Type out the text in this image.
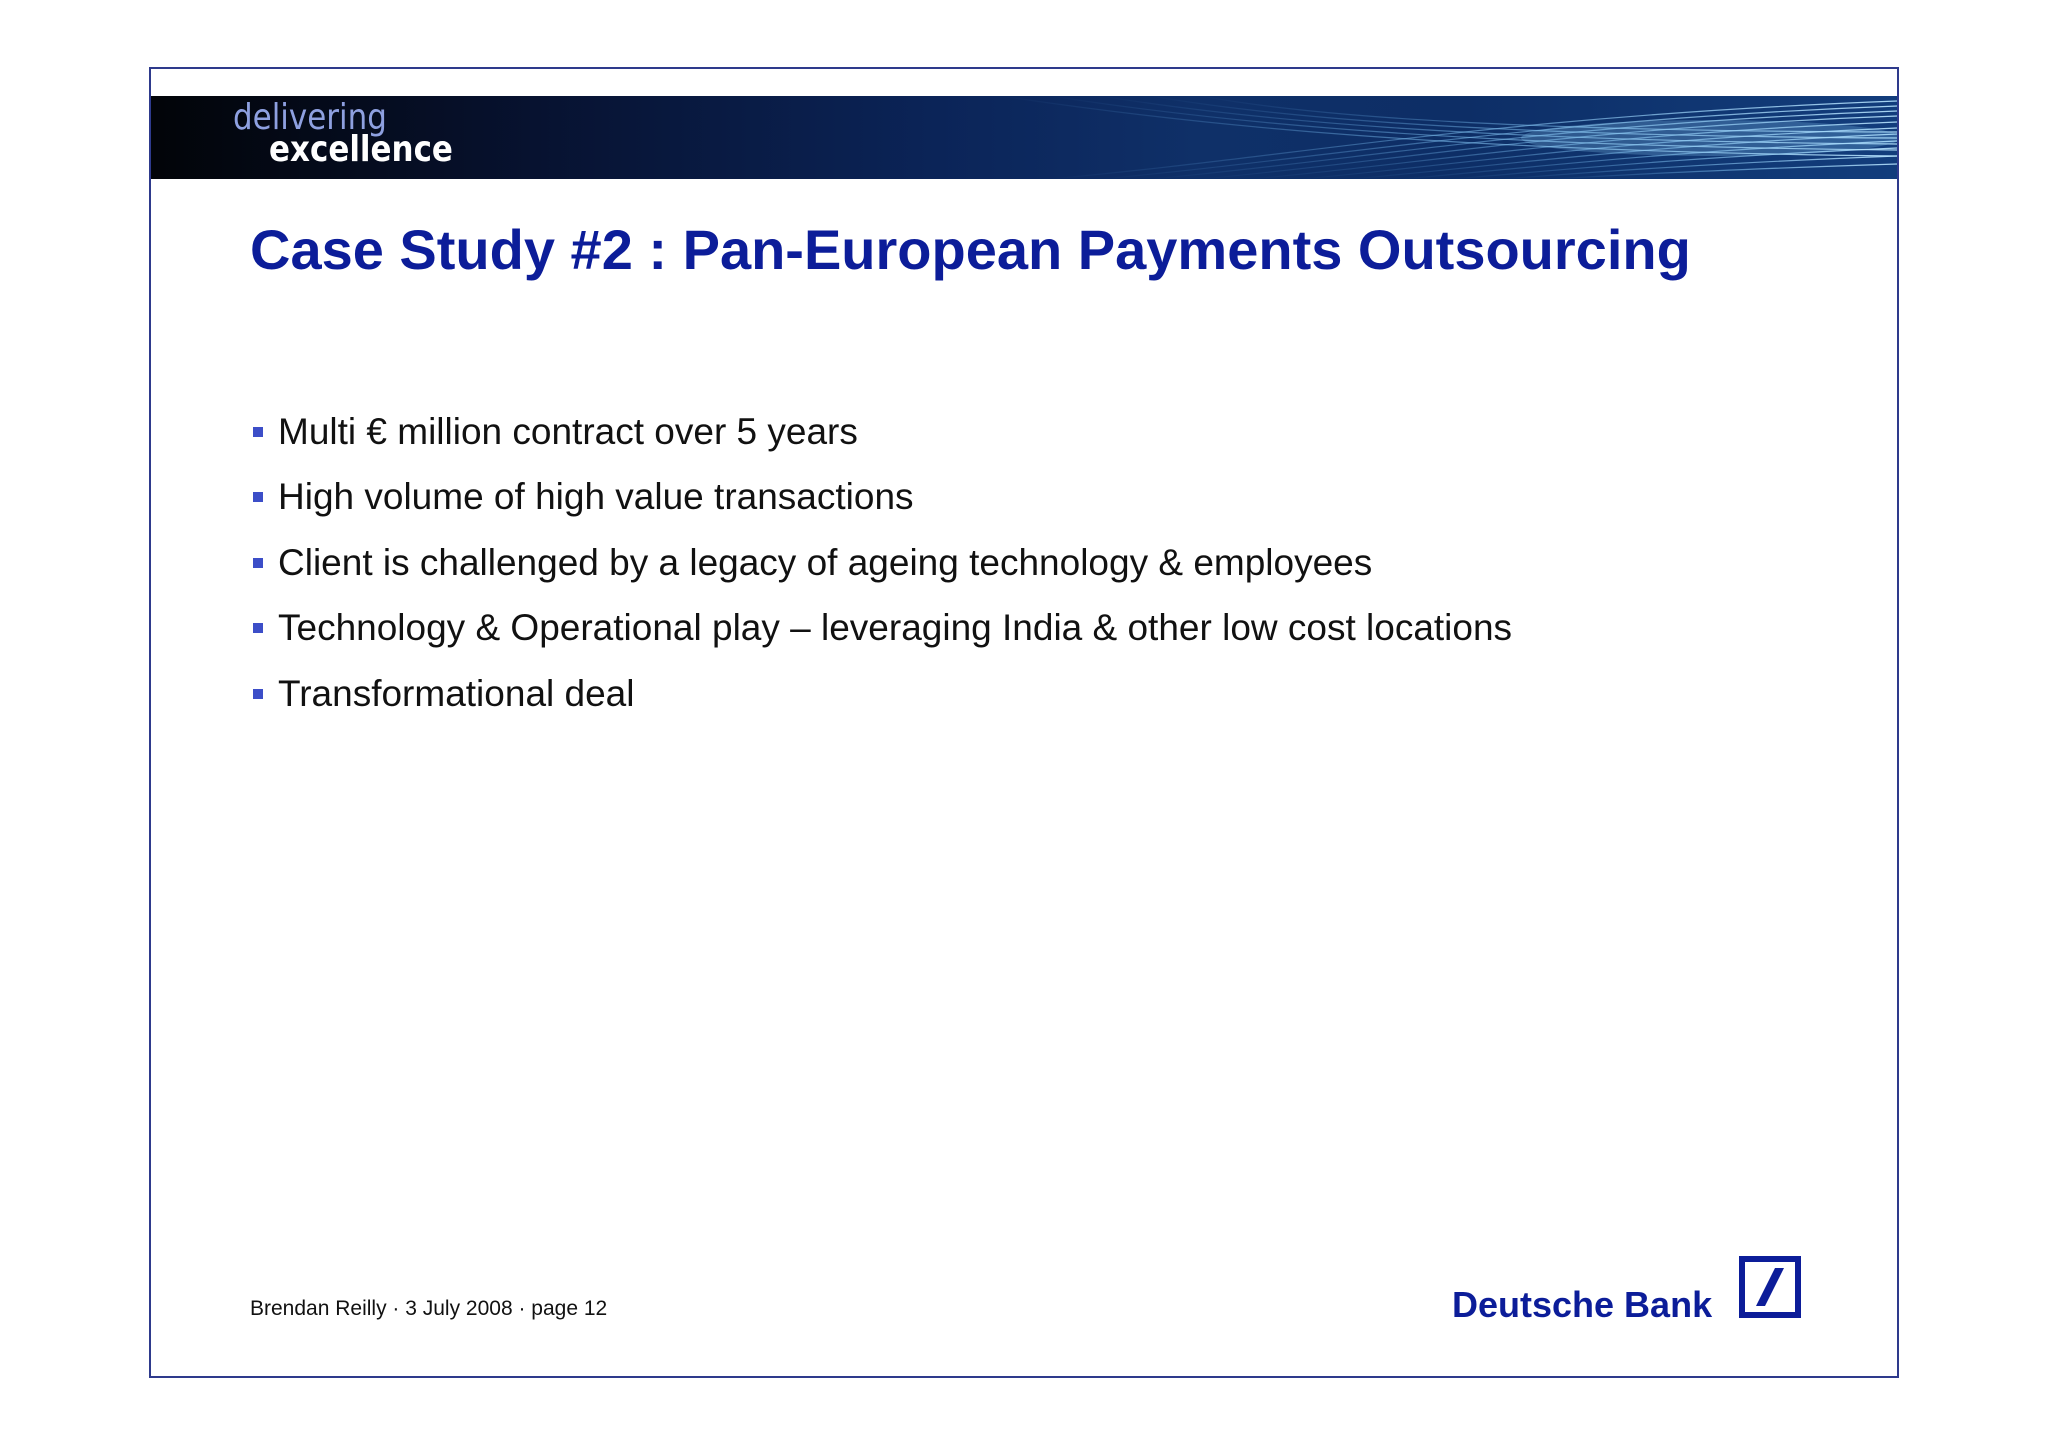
delivering
excellence
Case Study #2 : Pan-European Payments Outsourcing
Multi € million contract over 5 years
High volume of high value transactions
Client is challenged by a legacy of ageing technology & employees
Technology & Operational play – leveraging India & other low cost locations
Transformational deal
Brendan Reilly · 3 July 2008 · page 12	Deutsche Bank
